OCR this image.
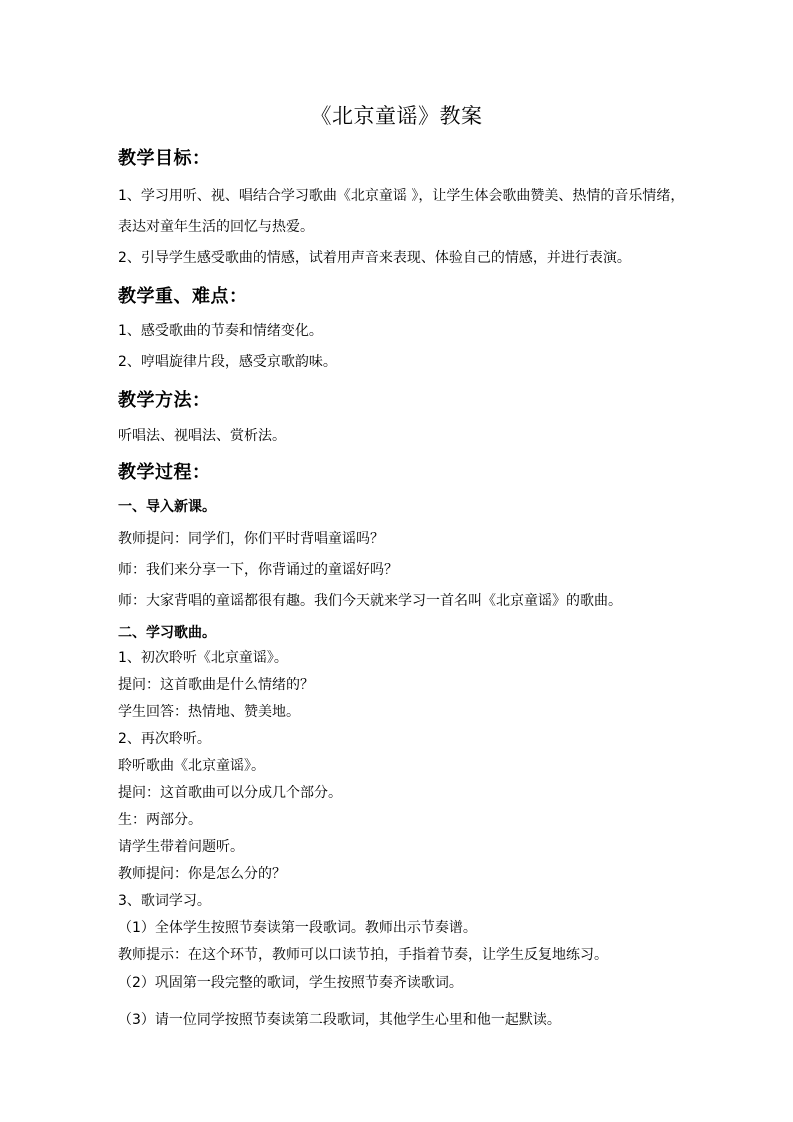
《北京童谣》教案
教学目标：
1、学习用听、视、唱结合学习歌曲《北京童谣 》，让学生体会歌曲赞美、热情的音乐情绪，
表达对童年生活的回忆与热爱。
2、引导学生感受歌曲的情感，试着用声音来表现、体验自己的情感，并进行表演。
教学重、难点：
1、感受歌曲的节奏和情绪变化。
2、哼唱旋律片段，感受京歌韵味。
教学方法：
听唱法、视唱法、赏析法。
教学过程：
一、导入新课。
教师提问：同学们，你们平时背唱童谣吗？
师：我们来分享一下，你背诵过的童谣好吗？
师：大家背唱的童谣都很有趣。我们今天就来学习一首名叫《北京童谣》的歌曲。
二、学习歌曲。
1、初次聆听《北京童谣》。
提问：这首歌曲是什么情绪的？
学生回答：热情地、赞美地。
2、再次聆听。
聆听歌曲《北京童谣》。
提问：这首歌曲可以分成几个部分。
生：两部分。
请学生带着问题听。
教师提问：你是怎么分的？
3、歌词学习。
（1）全体学生按照节奏读第一段歌词。教师出示节奏谱。
教师提示：在这个环节，教师可以口读节拍，手指着节奏，让学生反复地练习。
（2）巩固第一段完整的歌词，学生按照节奏齐读歌词。
（3）请一位同学按照节奏读第二段歌词，其他学生心里和他一起默读。
